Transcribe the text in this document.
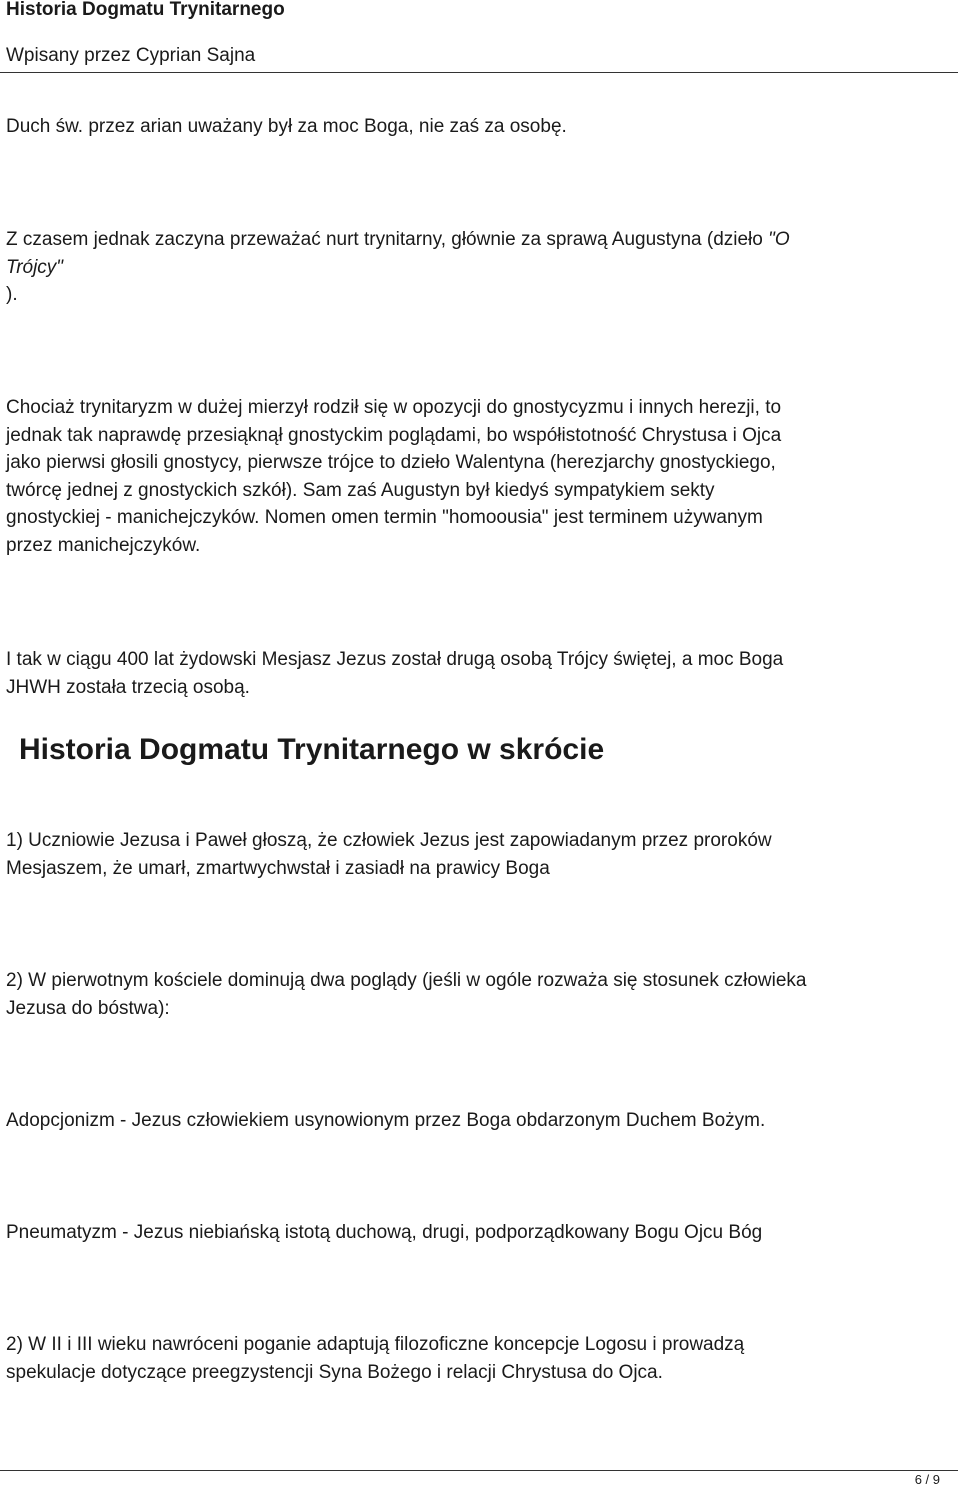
Historia Dogmatu Trynitarnego
Wpisany przez Cyprian Sajna

Duch św. przez arian uważany był za moc Boga, nie zaś za osobę.

Z czasem jednak zaczyna przeważać nurt trynitarny, głównie za sprawą Augustyna (dzieło "O
Trójcy"
).

Chociaż trynitaryzm w dużej mierzył rodził się w opozycji do gnostycyzmu i innych herezji, to
jednak tak naprawdę przesiąknął gnostyckim poglądami, bo współistotność Chrystusa i Ojca
jako pierwsi głosili gnostycy, pierwsze trójce to dzieło Walentyna (herezjarchy gnostyckiego,
twórcę jednej z gnostyckich szkół). Sam zaś Augustyn był kiedyś sympatykiem sekty
gnostyckiej - manichejczyków. Nomen omen termin "homoousia" jest terminem używanym
przez manichejczyków.

I tak w ciągu 400 lat żydowski Mesjasz Jezus został drugą osobą Trójcy świętej, a moc Boga
JHWH została trzecią osobą.

Historia Dogmatu Trynitarnego w skrócie

1) Uczniowie Jezusa i Paweł głoszą, że człowiek Jezus jest zapowiadanym przez proroków
Mesjaszem, że umarł, zmartwychwstał i zasiadł na prawicy Boga

2) W pierwotnym kościele dominują dwa poglądy (jeśli w ogóle rozważa się stosunek człowieka
Jezusa do bóstwa):

Adopcjonizm - Jezus człowiekiem usynowionym przez Boga obdarzonym Duchem Bożym.

Pneumatyzm - Jezus niebiańską istotą duchową, drugi, podporządkowany Bogu Ojcu Bóg

2) W II i III wieku nawróceni poganie adaptują filozoficzne koncepcje Logosu i prowadzą
spekulacje dotyczące preegzystencji Syna Bożego i relacji Chrystusa do Ojca.

6 / 9
